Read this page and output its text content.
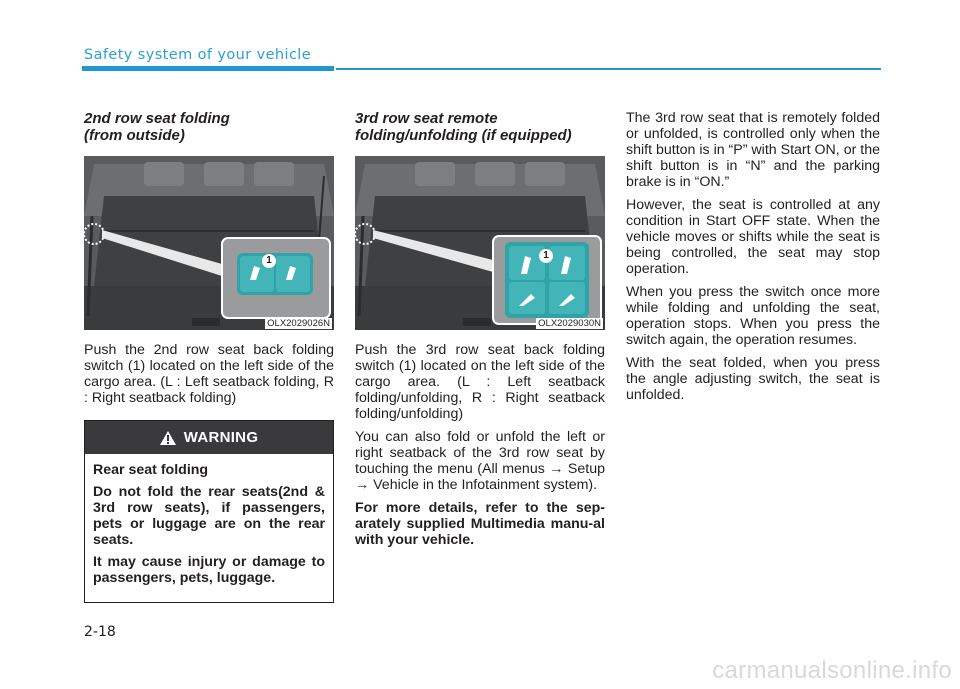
Safety system of your vehicle
2nd row seat folding
(from outside)
1
OLX2029026N

Push the 2nd row seat back folding switch (1) located on the left side of the cargo area. (L : Left seatback folding, R : Right seatback folding)

WARNING

Rear seat folding

Do not fold the rear seats(2nd & 3rd row seats), if passengers, pets or luggage are on the rear seats.

It may cause injury or damage to passengers, pets, luggage.

3rd row seat remote
folding/unfolding (if equipped)
1
OLX2029030N

Push the 3rd row seat back folding switch (1) located on the left side of the cargo area. (L : Left seatback folding/unfolding, R : Right seatback folding/unfolding)

You can also fold or unfold the left or right seatback of the 3rd row seat by touching the menu (All menus → Setup → Vehicle in the Infotainment system).

For more details, refer to the sep-arately supplied Multimedia manu-al with your vehicle.

The 3rd row seat that is remotely folded or unfolded, is controlled only when the shift button is in “P” with Start ON, or the shift button is in “N” and the parking brake is in “ON.”

However, the seat is controlled at any condition in Start OFF state. When the vehicle moves or shifts while the seat is being controlled, the seat may stop operation.

When you press the switch once more while folding and unfolding the seat, operation stops. When you press the switch again, the operation resumes.

With the seat folded, when you press the angle adjusting switch, the seat is unfolded.

2-18
carmanualsonline.info
